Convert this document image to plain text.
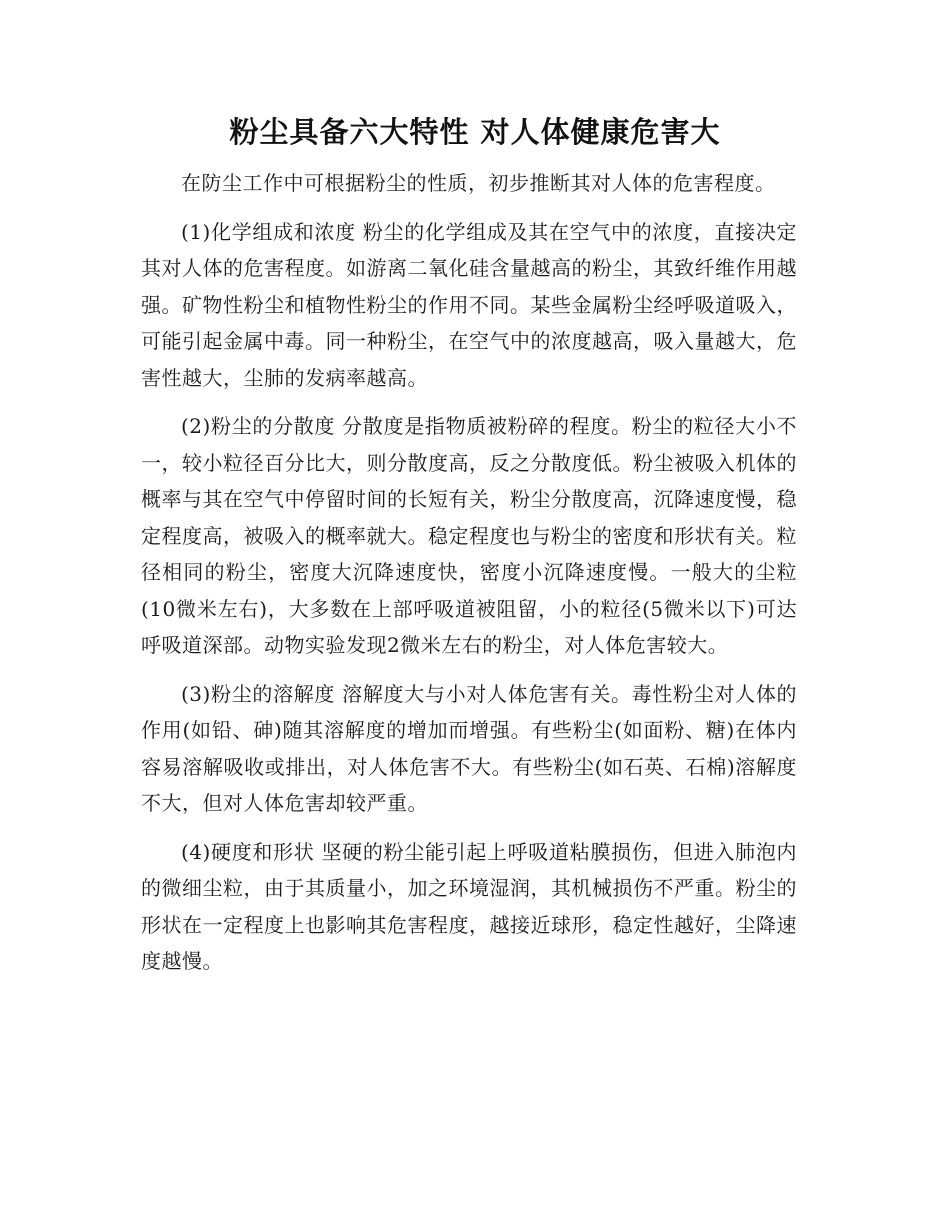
粉尘具备六大特性 对人体健康危害大

在防尘工作中可根据粉尘的性质，初步推断其对人体的危害程度。

(1)化学组成和浓度 粉尘的化学组成及其在空气中的浓度，直接决定其对人体的危害程度。如游离二氧化硅含量越高的粉尘，其致纤维作用越强。矿物性粉尘和植物性粉尘的作用不同。某些金属粉尘经呼吸道吸入，可能引起金属中毒。同一种粉尘，在空气中的浓度越高，吸入量越大，危害性越大，尘肺的发病率越高。

(2)粉尘的分散度 分散度是指物质被粉碎的程度。粉尘的粒径大小不一，较小粒径百分比大，则分散度高，反之分散度低。粉尘被吸入机体的概率与其在空气中停留时间的长短有关，粉尘分散度高，沉降速度慢，稳定程度高，被吸入的概率就大。稳定程度也与粉尘的密度和形状有关。粒径相同的粉尘，密度大沉降速度快，密度小沉降速度慢。一般大的尘粒(10微米左右)，大多数在上部呼吸道被阻留，小的粒径(5微米以下)可达呼吸道深部。动物实验发现2微米左右的粉尘，对人体危害较大。

(3)粉尘的溶解度 溶解度大与小对人体危害有关。毒性粉尘对人体的作用(如铅、砷)随其溶解度的增加而增强。有些粉尘(如面粉、糖)在体内容易溶解吸收或排出，对人体危害不大。有些粉尘(如石英、石棉)溶解度不大，但对人体危害却较严重。

(4)硬度和形状 坚硬的粉尘能引起上呼吸道粘膜损伤，但进入肺泡内的微细尘粒，由于其质量小，加之环境湿润，其机械损伤不严重。粉尘的形状在一定程度上也影响其危害程度，越接近球形，稳定性越好，尘降速度越慢。
